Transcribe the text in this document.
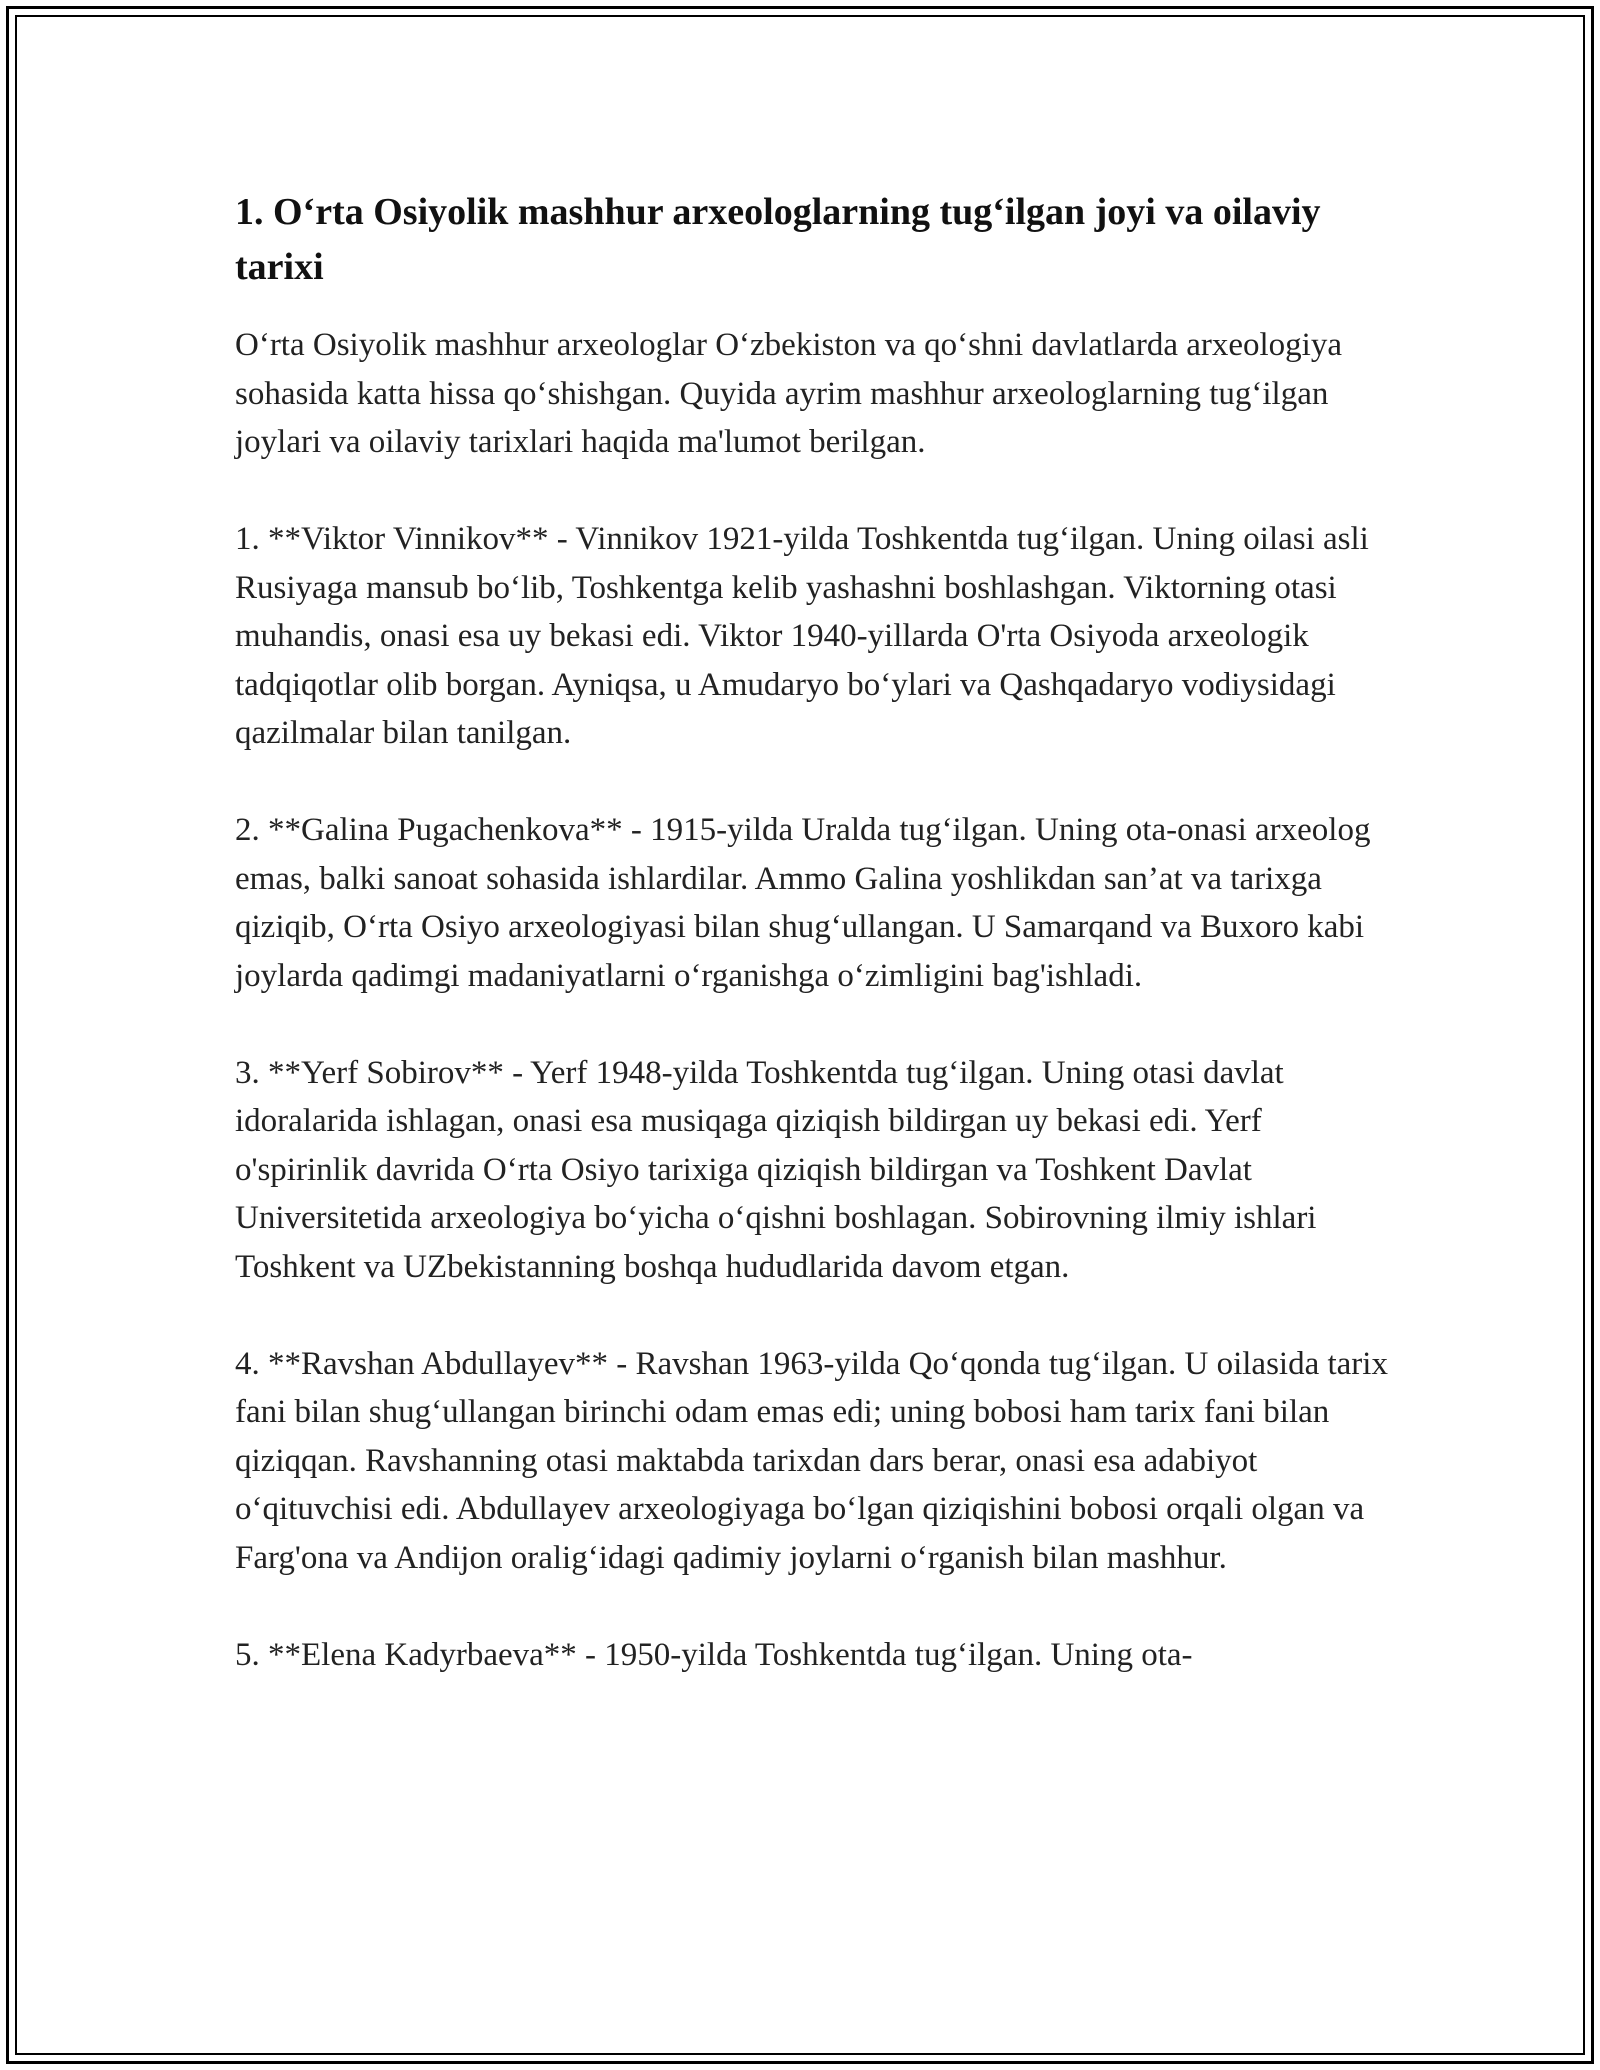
1. O‘rta Osiyolik mashhur arxeologlarning tug‘ilgan joyi va oilaviy tarixi

O‘rta Osiyolik mashhur arxeologlar O‘zbekiston va qo‘shni davlatlarda arxeologiya sohasida katta hissa qo‘shishgan. Quyida ayrim mashhur arxeologlarning tug‘ilgan joylari va oilaviy tarixlari haqida ma'lumot berilgan.

1. **Viktor Vinnikov** - Vinnikov 1921-yilda Toshkentda tug‘ilgan. Uning oilasi asli Rusiyaga mansub bo‘lib, Toshkentga kelib yashashni boshlashgan. Viktorning otasi muhandis, onasi esa uy bekasi edi. Viktor 1940-yillarda O'rta Osiyoda arxeologik tadqiqotlar olib borgan. Ayniqsa, u Amudaryo bo‘ylari va Qashqadaryo vodiysidagi qazilmalar bilan tanilgan.

2. **Galina Pugachenkova** - 1915-yilda Uralda tug‘ilgan. Uning ota-onasi arxeolog emas, balki sanoat sohasida ishlardilar. Ammo Galina yoshlikdan san’at va tarixga qiziqib, O‘rta Osiyo arxeologiyasi bilan shug‘ullangan. U Samarqand va Buxoro kabi joylarda qadimgi madaniyatlarni o‘rganishga o‘zimligini bag'ishladi.

3. **Yerf Sobirov** - Yerf 1948-yilda Toshkentda tug‘ilgan. Uning otasi davlat idoralarida ishlagan, onasi esa musiqaga qiziqish bildirgan uy bekasi edi. Yerf o'spirinlik davrida O‘rta Osiyo tarixiga qiziqish bildirgan va Toshkent Davlat Universitetida arxeologiya bo‘yicha o‘qishni boshlagan. Sobirovning ilmiy ishlari Toshkent va UZbekistanning boshqa hududlarida davom etgan.

4. **Ravshan Abdullayev** - Ravshan 1963-yilda Qo‘qonda tug‘ilgan. U oilasida tarix fani bilan shug‘ullangan birinchi odam emas edi; uning bobosi ham tarix fani bilan qiziqqan. Ravshanning otasi maktabda tarixdan dars berar, onasi esa adabiyot o‘qituvchisi edi. Abdullayev arxeologiyaga bo‘lgan qiziqishini bobosi orqali olgan va Farg'ona va Andijon oralig‘idagi qadimiy joylarni o‘rganish bilan mashhur.

5. **Elena Kadyrbaeva** - 1950-yilda Toshkentda tug‘ilgan. Uning ota-
